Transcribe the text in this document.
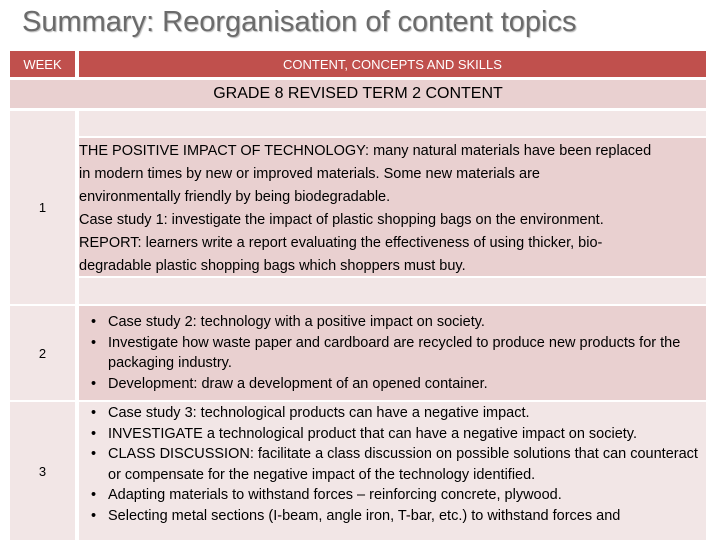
Summary: Reorganisation of content topics
WEEK	CONTENT, CONCEPTS AND SKILLS
GRADE 8 REVISED TERM 2 CONTENT
1
THE POSITIVE IMPACT OF TECHNOLOGY: many natural materials have been replaced
in modern times by new or improved materials. Some new materials are
environmentally friendly by being biodegradable.
Case study 1: investigate the impact of plastic shopping bags on the environment.
REPORT: learners write a report evaluating the effectiveness of using thicker, bio-
degradable plastic shopping bags which shoppers must buy.
2
• Case study 2: technology with a positive impact on society.
• Investigate how waste paper and cardboard are recycled to produce new products for the packaging industry.
• Development: draw a development of an opened container.
3
• Case study 3: technological products can have a negative impact.
• INVESTIGATE a technological product that can have a negative impact on society.
• CLASS DISCUSSION: facilitate a class discussion on possible solutions that can counteract or compensate for the negative impact of the technology identified.
• Adapting materials to withstand forces – reinforcing concrete, plywood.
• Selecting metal sections (I-beam, angle iron, T-bar, etc.) to withstand forces and
